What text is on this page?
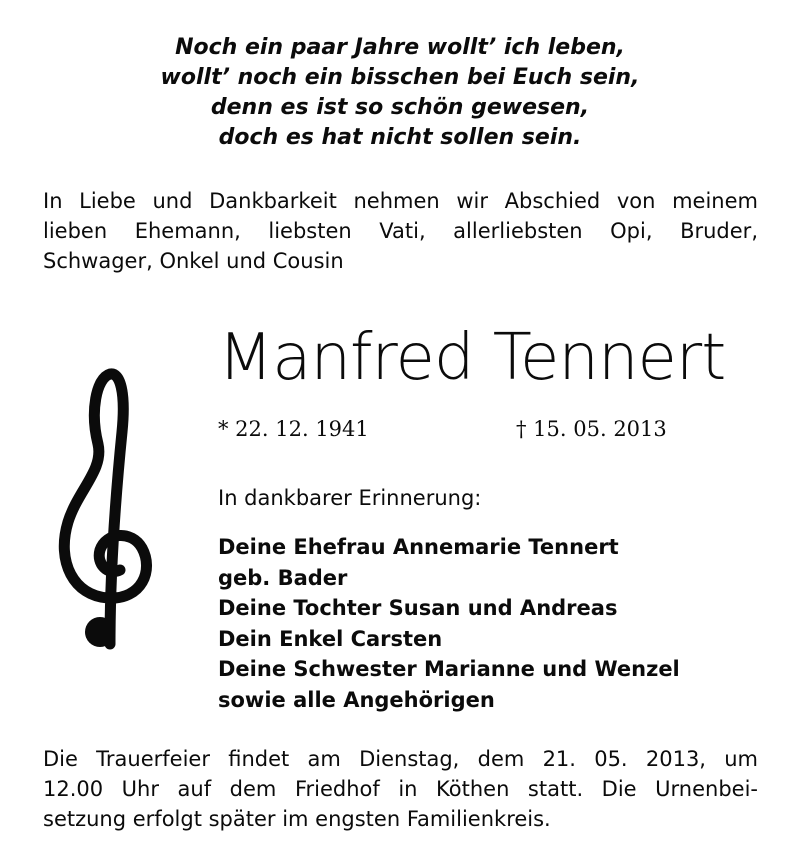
Noch ein paar Jahre wollt’ ich leben,
wollt’ noch ein bisschen bei Euch sein,
denn es ist so schön gewesen,
doch es hat nicht sollen sein.
In Liebe und Dankbarkeit nehmen wir Abschied von meinem
lieben Ehemann, liebsten Vati, allerliebsten Opi, Bruder,
Schwager, Onkel und Cousin
Manfred Tennert
* 22. 12. 1941	† 15. 05. 2013
In dankbarer Erinnerung:
Deine Ehefrau Annemarie Tennert
geb. Bader
Deine Tochter Susan und Andreas
Dein Enkel Carsten
Deine Schwester Marianne und Wenzel
sowie alle Angehörigen
Die Trauerfeier findet am Dienstag, dem 21. 05. 2013, um
12.00 Uhr auf dem Friedhof in Köthen statt. Die Urnenbei-
setzung erfolgt später im engsten Familienkreis.
